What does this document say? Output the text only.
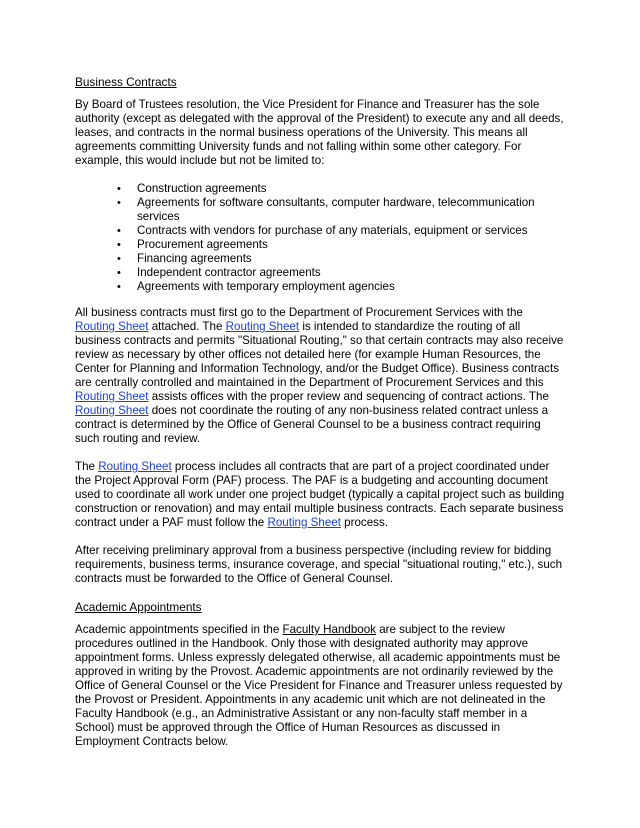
Business Contracts

By Board of Trustees resolution, the Vice President for Finance and Treasurer has the sole authority (except as delegated with the approval of the President) to execute any and all deeds, leases, and contracts in the normal business operations of the University. This means all agreements committing University funds and not falling within some other category. For example, this would include but not be limited to:

• Construction agreements
• Agreements for software consultants, computer hardware, telecommunication services
• Contracts with vendors for purchase of any materials, equipment or services
• Procurement agreements
• Financing agreements
• Independent contractor agreements
• Agreements with temporary employment agencies

All business contracts must first go to the Department of Procurement Services with the Routing Sheet attached. The Routing Sheet is intended to standardize the routing of all business contracts and permits "Situational Routing," so that certain contracts may also receive review as necessary by other offices not detailed here (for example Human Resources, the Center for Planning and Information Technology, and/or the Budget Office). Business contracts are centrally controlled and maintained in the Department of Procurement Services and this Routing Sheet assists offices with the proper review and sequencing of contract actions. The Routing Sheet does not coordinate the routing of any non-business related contract unless a contract is determined by the Office of General Counsel to be a business contract requiring such routing and review.

The Routing Sheet process includes all contracts that are part of a project coordinated under the Project Approval Form (PAF) process. The PAF is a budgeting and accounting document used to coordinate all work under one project budget (typically a capital project such as building construction or renovation) and may entail multiple business contracts. Each separate business contract under a PAF must follow the Routing Sheet process.

After receiving preliminary approval from a business perspective (including review for bidding requirements, business terms, insurance coverage, and special "situational routing," etc.), such contracts must be forwarded to the Office of General Counsel.

Academic Appointments

Academic appointments specified in the Faculty Handbook are subject to the review procedures outlined in the Handbook. Only those with designated authority may approve appointment forms. Unless expressly delegated otherwise, all academic appointments must be approved in writing by the Provost. Academic appointments are not ordinarily reviewed by the Office of General Counsel or the Vice President for Finance and Treasurer unless requested by the Provost or President. Appointments in any academic unit which are not delineated in the Faculty Handbook (e.g., an Administrative Assistant or any non-faculty staff member in a School) must be approved through the Office of Human Resources as discussed in Employment Contracts below.
